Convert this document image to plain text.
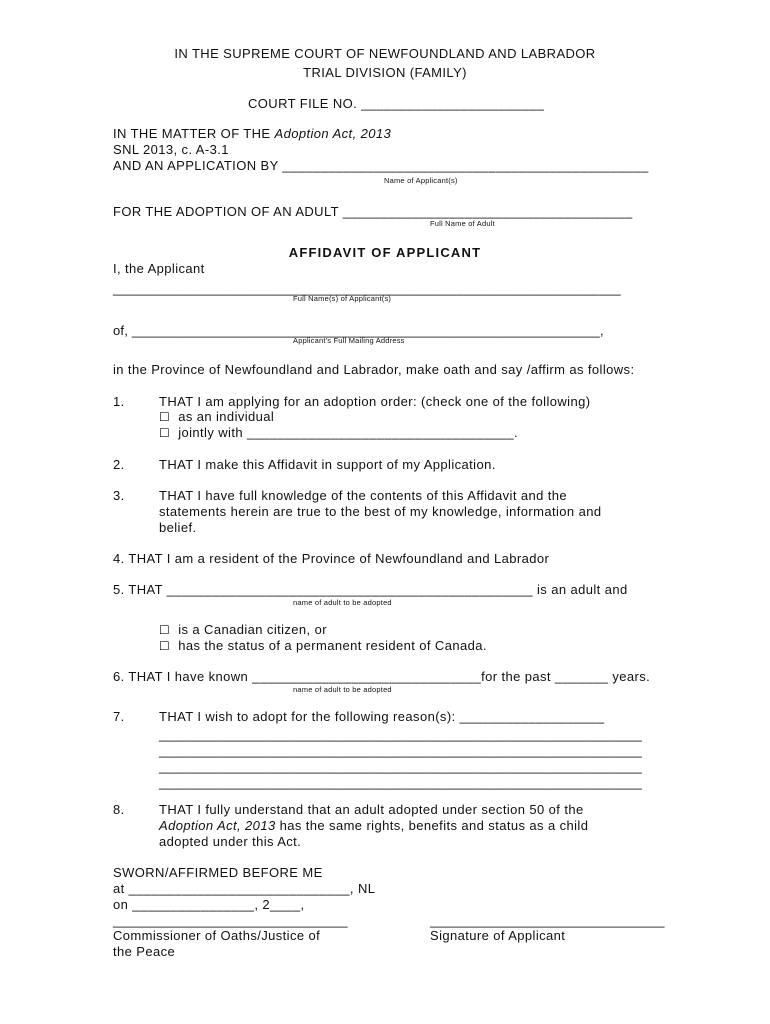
IN THE SUPREME COURT OF NEWFOUNDLAND AND LABRADOR
TRIAL DIVISION (FAMILY)
COURT FILE NO. ________________________
IN THE MATTER OF THE Adoption Act, 2013
SNL 2013, c. A-3.1
AND AN APPLICATION BY ________________________________________________
Name of Applicant(s)
FOR THE ADOPTION OF AN ADULT ______________________________________
Full Name of Adult
AFFIDAVIT OF APPLICANT
I, the Applicant
_______________________________________________________________________
Full Name(s) of Applicant(s)
of, _______________________________________________________________,
Applicant's Full Mailing Address
in the Province of Newfoundland and Labrador, make oath and say /affirm as follows:
1.	THAT I am applying for an adoption order: (check one of the following)
☐ as an individual
☐ jointly with ___________________________________.
2.	THAT I make this Affidavit in support of my Application.
3.	THAT I have full knowledge of the contents of this Affidavit and the
statements herein are true to the best of my knowledge, information and
belief.
4. THAT I am a resident of the Province of Newfoundland and Labrador
5. THAT ________________________________________________ is an adult and
name of adult to be adopted
☐ is a Canadian citizen, or
☐ has the status of a permanent resident of Canada.
6. THAT I have known ______________________________for the past _______ years.
name of adult to be adopted
7.	THAT I wish to adopt for the following reason(s): ___________________
_________________________________________________________________
_________________________________________________________________
_________________________________________________________________
_________________________________________________________________
8.	THAT I fully understand that an adult adopted under section 50 of the
Adoption Act, 2013 has the same rights, benefits and status as a child
adopted under this Act.
SWORN/AFFIRMED BEFORE ME
at _____________________________, NL
on ________________, 2____,
________________________________	________________________________
Commissioner of Oaths/Justice of
the Peace
Signature of Applicant
